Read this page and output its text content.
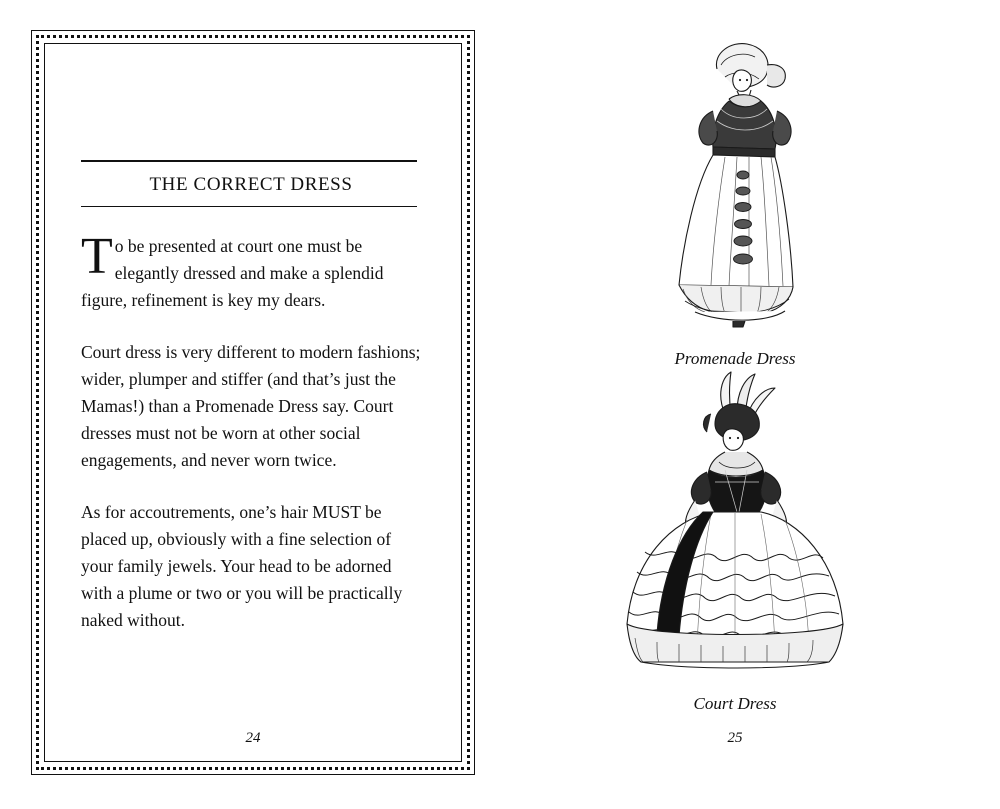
THE CORRECT DRESS

To be presented at court one must be elegantly dressed and make a splendid figure, refinement is key my dears.

Court dress is very different to modern fashions; wider, plumper and stiffer (and that’s just the Mamas!) than a Promenade Dress say. Court dresses must not be worn at other social engagements, and never worn twice.

As for accoutrements, one’s hair MUST be placed up, obviously with a fine selection of your family jewels. Your head to be adorned with a plume or two or you will be practically naked without.

24
Promenade Dress
Court Dress
25
